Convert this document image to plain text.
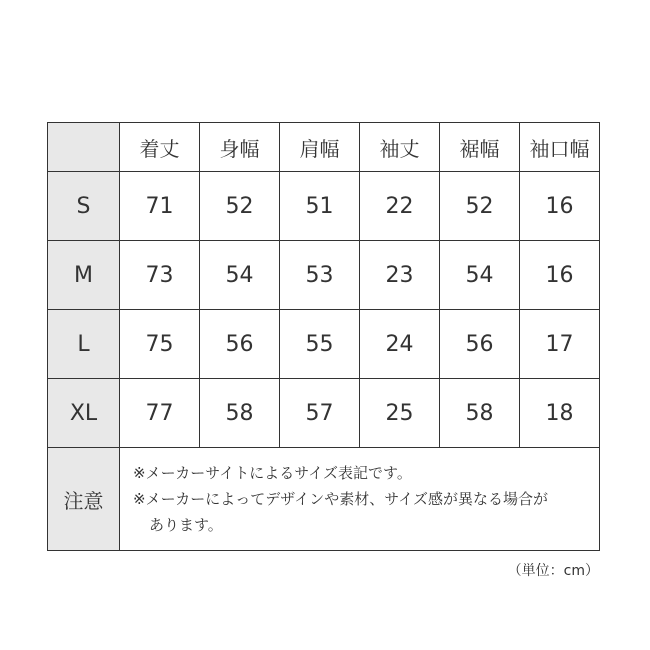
	着丈	身幅	肩幅	袖丈	裾幅	袖口幅
S	71	52	51	22	52	16
M	73	54	53	23	54	16
L	75	56	55	24	56	17
XL	77	58	57	25	58	18
注意	※メーカーサイトによるサイズ表記です。
※メーカーによってデザインや素材、サイズ感が異なる場合が
あります。					
（単位：cm）
